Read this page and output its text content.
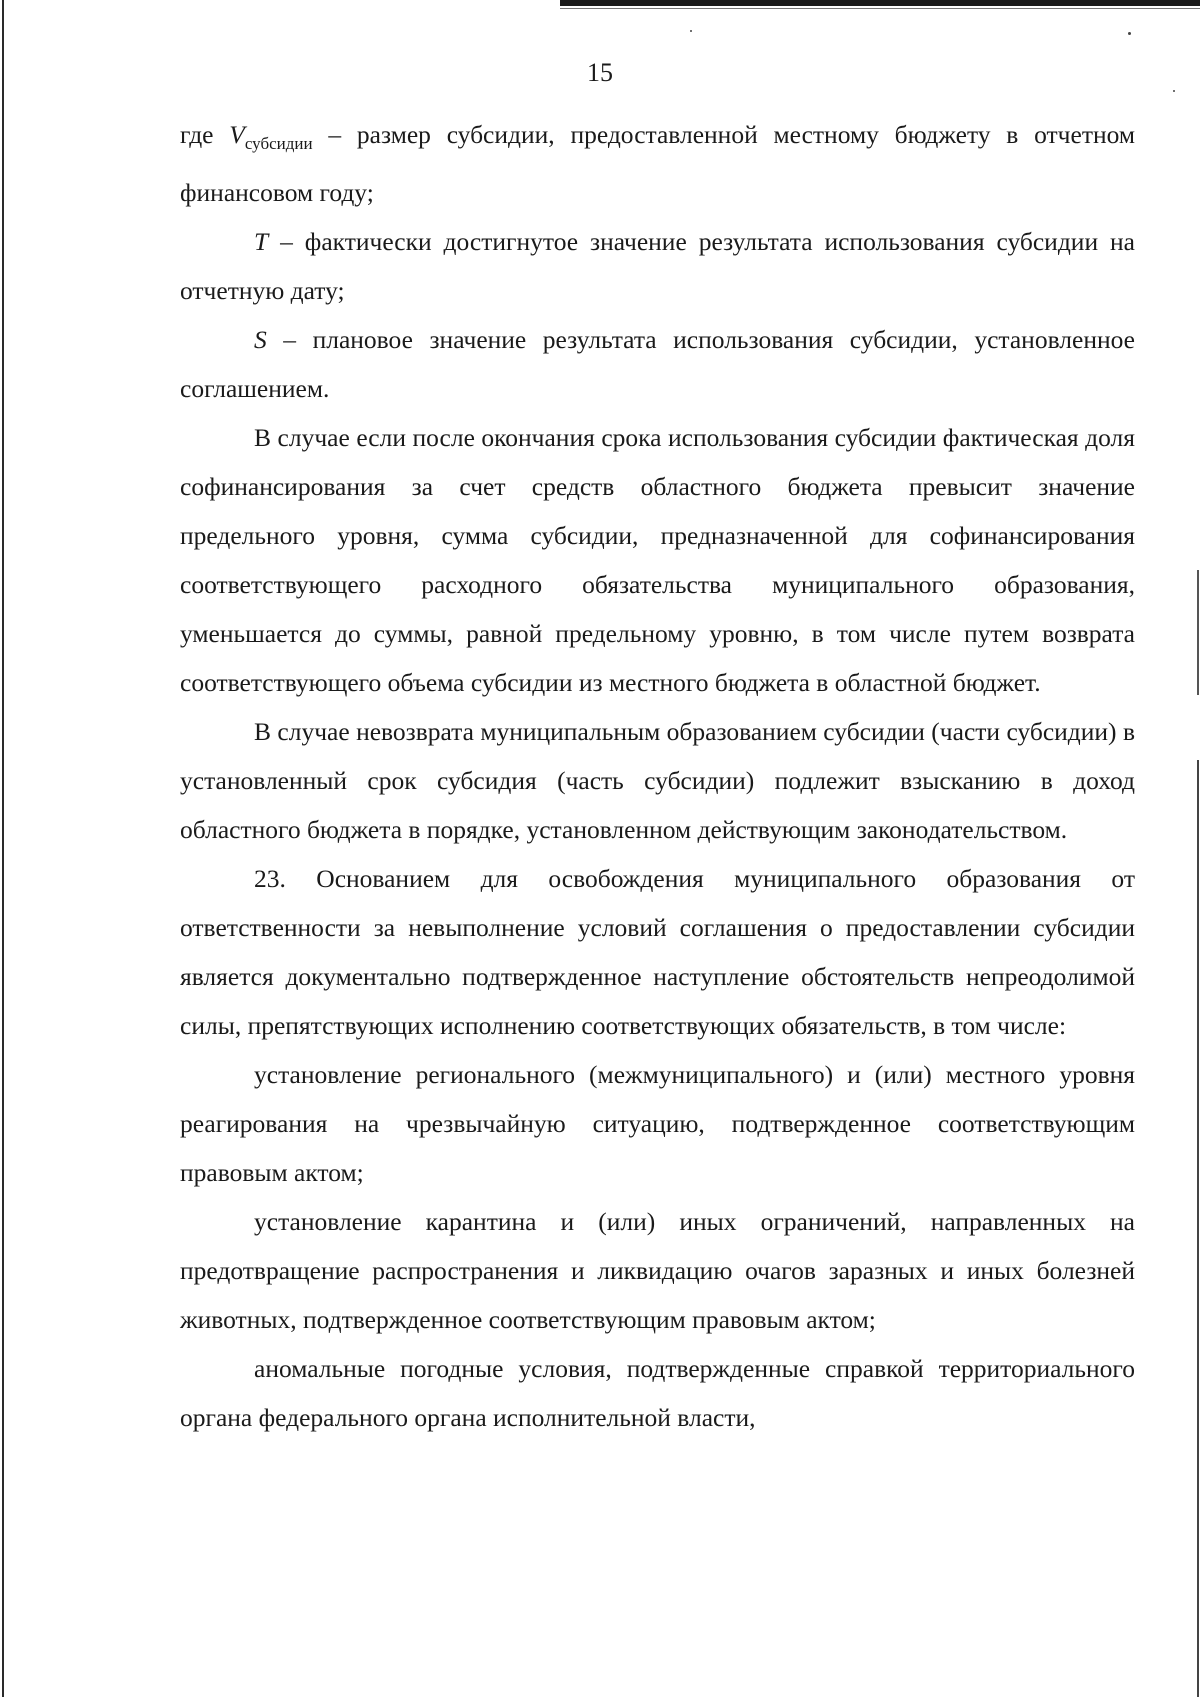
15

где $V_{субсидии}$ – размер субсидии, предоставленной местному бюджету в отчетном финансовом году;

T – фактически достигнутое значение результата использования субсидии на отчетную дату;

S – плановое значение результата использования субсидии, установленное соглашением.

В случае если после окончания срока использования субсидии фактическая доля софинансирования за счет средств областного бюджета превысит значение предельного уровня, сумма субсидии, предназначенной для софинансирования соответствующего расходного обязательства муниципального образования, уменьшается до суммы, равной предельному уровню, в том числе путем возврата соответствующего объема субсидии из местного бюджета в областной бюджет.

В случае невозврата муниципальным образованием субсидии (части субсидии) в установленный срок субсидия (часть субсидии) подлежит взысканию в доход областного бюджета в порядке, установленном действующим законодательством.

23. Основанием для освобождения муниципального образования от ответственности за невыполнение условий соглашения о предоставлении субсидии является документально подтвержденное наступление обстоятельств непреодолимой силы, препятствующих исполнению соответствующих обязательств, в том числе:

установление регионального (межмуниципального) и (или) местного уровня реагирования на чрезвычайную ситуацию, подтвержденное соответствующим правовым актом;

установление карантина и (или) иных ограничений, направленных на предотвращение распространения и ликвидацию очагов заразных и иных болезней животных, подтвержденное соответствующим правовым актом;

аномальные погодные условия, подтвержденные справкой территориального органа федерального органа исполнительной власти,
